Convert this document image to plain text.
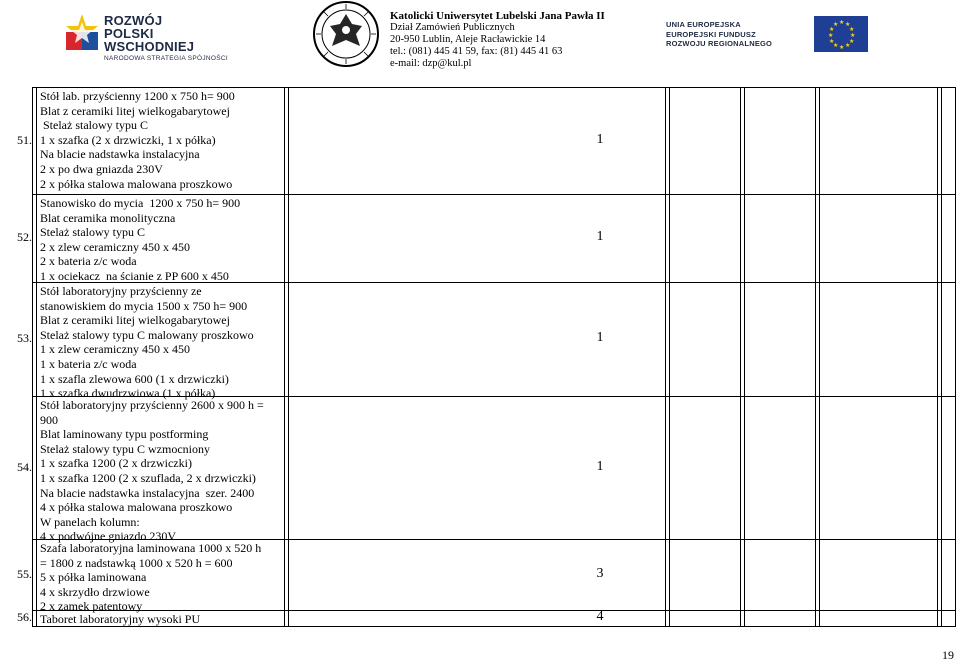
ROZWÓJ
POLSKI WSCHODNIEJ
NARODOWA STRATEGIA SPÓJNOŚCI
Katolicki Uniwersytet Lubelski Jana Pawła II
Dział Zamówień Publicznych
20-950 Lublin, Aleje Racławickie 14
tel.: (081) 445 41 59, fax: (81) 445 41 63
e-mail: dzp@kul.pl
UNIA EUROPEJSKA
EUROPEJSKI FUNDUSZ
ROZWOJU REGIONALNEGO
★ ★
★
★
★
★
★
★
★
★
★
★
51.
Stół lab. przyścienny 1200 x 750 h= 900
Blat z ceramiki litej wielkogabarytowej
Stelaż stalowy typu C
1 x szafka (2 x drzwiczki, 1 x półka)
Na blacie nadstawka instalacyjna
2 x po dwa gniazda 230V
2 x półka stalowa malowana proszkowo
1
52.
Stanowisko do mycia  1200 x 750 h= 900
Blat ceramika monolityczna
Stelaż stalowy typu C
2 x zlew ceramiczny 450 x 450
2 x bateria z/c woda
1 x ociekacz  na ścianie z PP 600 x 450
1
53.
Stół laboratoryjny przyścienny ze
stanowiskiem do mycia 1500 x 750 h= 900
Blat z ceramiki litej wielkogabarytowej
Stelaż stalowy typu C malowany proszkowo
1 x zlew ceramiczny 450 x 450
1 x bateria z/c woda
1 x szafla zlewowa 600 (1 x drzwiczki)
1 x szafka dwudrzwiowa (1 x półka)
1
54.
Stół laboratoryjny przyścienny 2600 x 900 h =
900
Blat laminowany typu postforming
Stelaż stalowy typu C wzmocniony
1 x szafka 1200 (2 x drzwiczki)
1 x szafka 1200 (2 x szuflada, 2 x drzwiczki)
Na blacie nadstawka instalacyjna  szer. 2400
4 x półka stalowa malowana proszkowo
W panelach kolumn:
4 x podwójne gniazdo 230V
1
55.
Szafa laboratoryjna laminowana 1000 x 520 h
= 1800 z nadstawką 1000 x 520 h = 600
5 x półka laminowana
4 x skrzydło drzwiowe
2 x zamek patentowy
3
56. Taboret laboratoryjny wysoki PU	4
19
